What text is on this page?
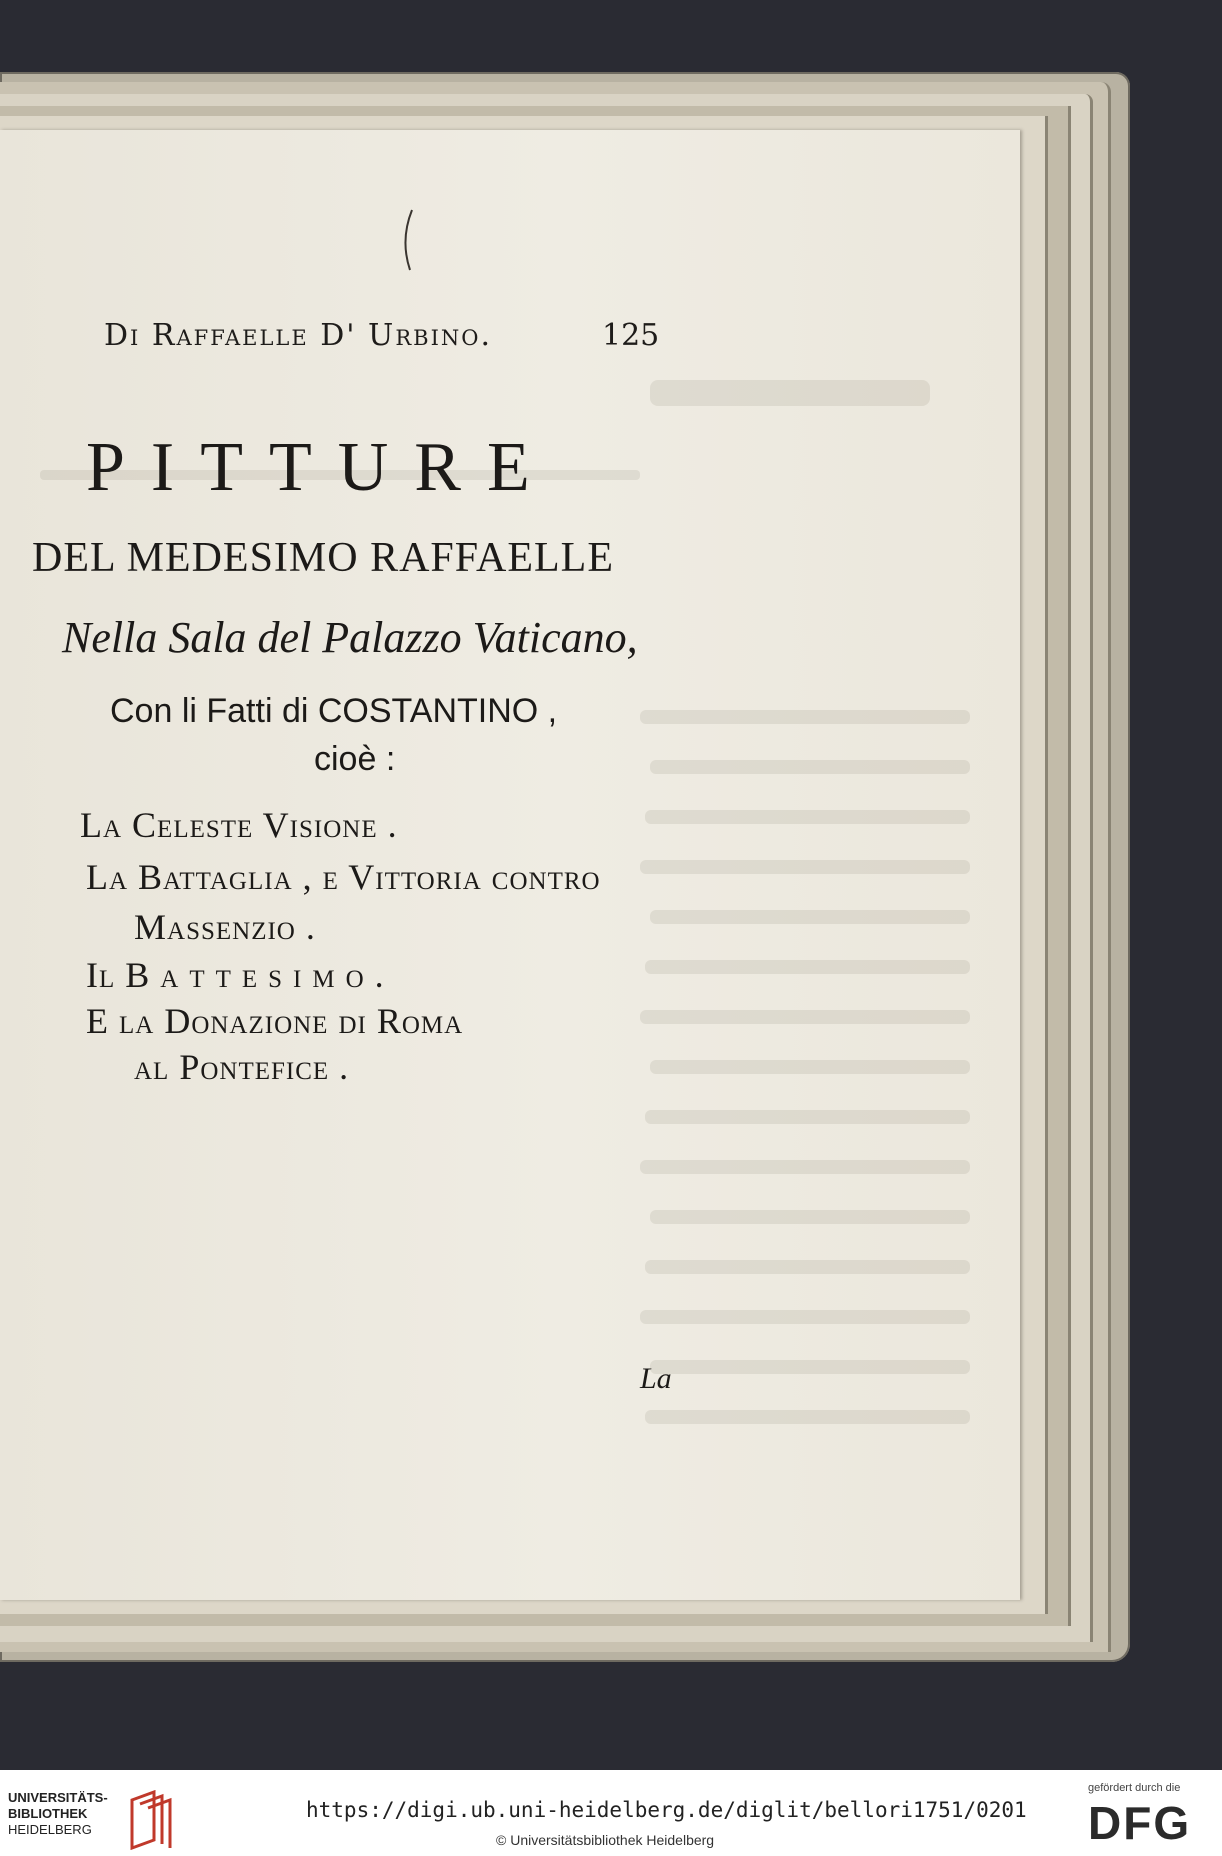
Di Raffaelle D' Urbino.	125
PITTURE
DEL MEDESIMO RAFFAELLE
Nella Sala del Palazzo Vaticano,
Con li Fatti di COSTANTINO ,
cioè :
La Celeste Visione .
La Battaglia , e Vittoria contro
Massenzio .
Il B a t t e s i m o .
E la Donazione di Roma
al Pontefice .
La
UNIVERSITÄTS-
BIBLIOTHEK
HEIDELBERG
https://digi.ub.uni-heidelberg.de/diglit/bellori1751/0201
© Universitätsbibliothek Heidelberg
gefördert durch die
DFG
